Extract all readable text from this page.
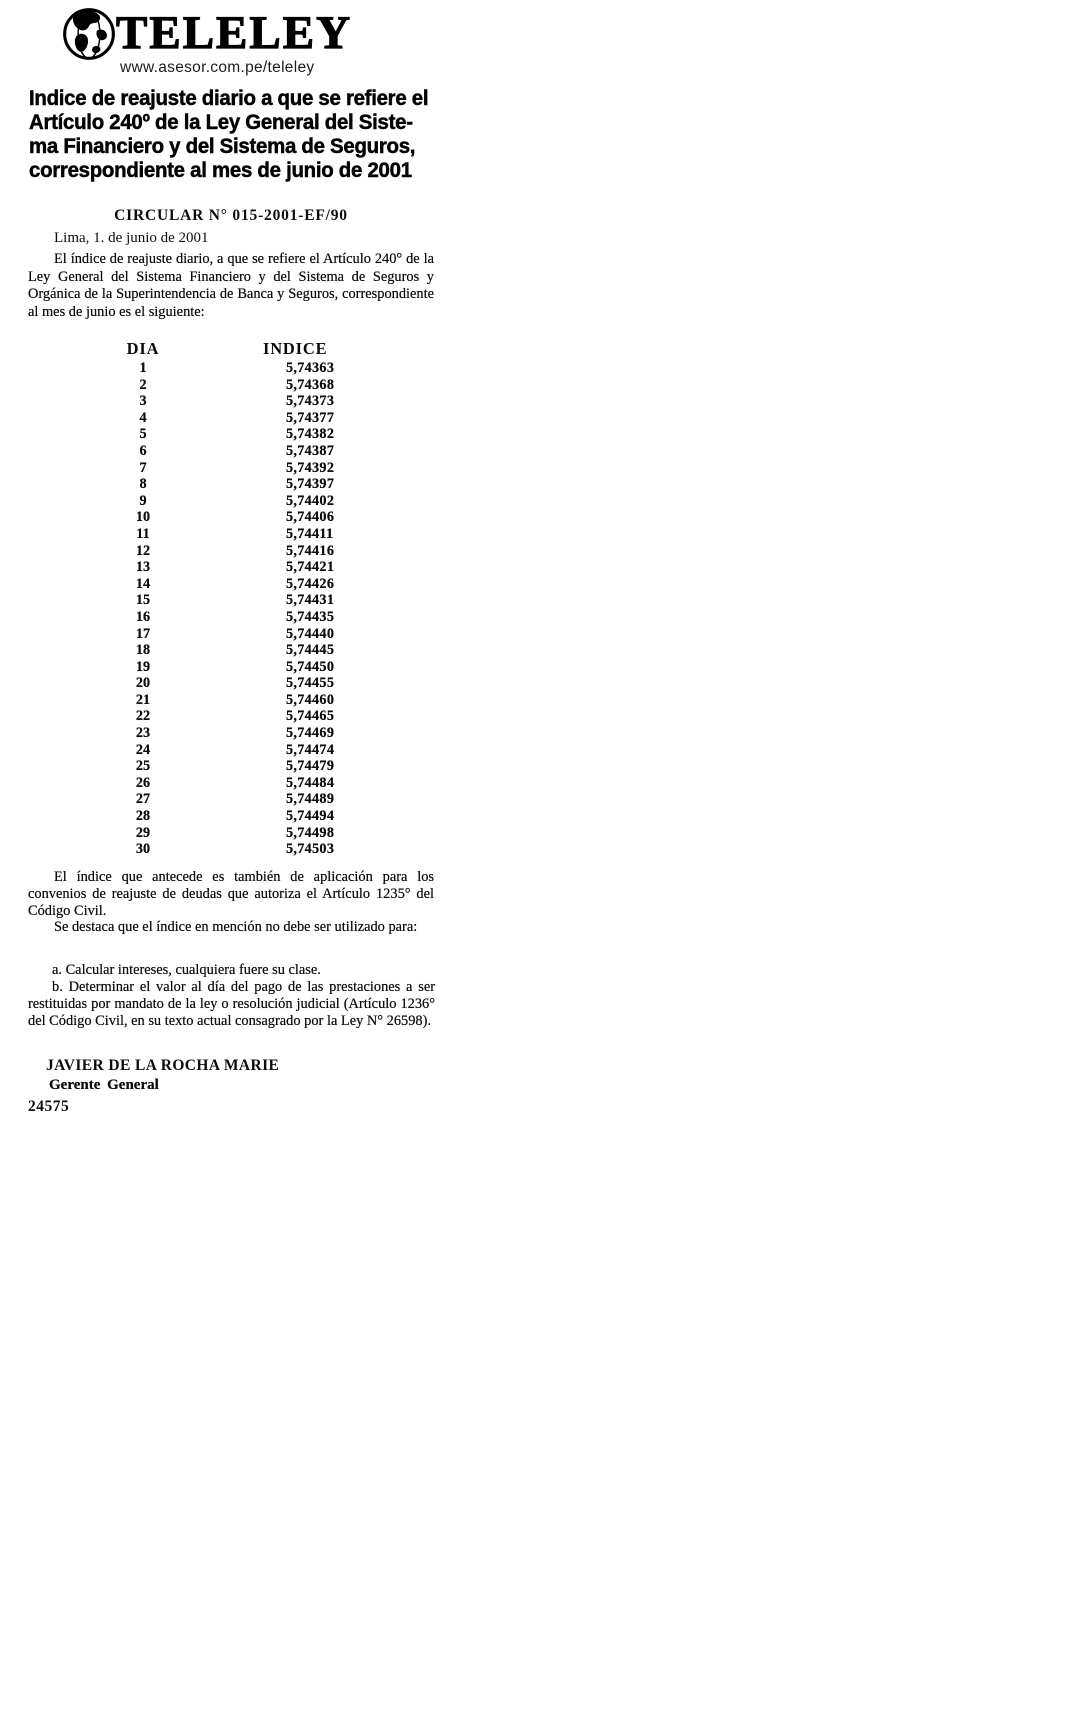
TELELEY
www.asesor.com.pe/teleley
Indice de reajuste diario a que se refiere el
Artículo 240º de la Ley General del Siste-
ma Financiero y del Sistema de Seguros,
correspondiente al mes de junio de 2001
CIRCULAR N° 015-2001-EF/90
Lima, 1. de junio de 2001
El índice de reajuste diario, a que se refiere el Artículo 240° de la Ley General del Sistema Financiero y del Sistema de Seguros y Orgánica de la Superintendencia de Banca y Seguros, correspondiente al mes de junio es el siguiente:
DIA	INDICE
1	5,74363
2	5,74368
3	5,74373
4	5,74377
5	5,74382
6	5,74387
7	5,74392
8	5,74397
9	5,74402
10	5,74406
11	5,74411
12	5,74416
13	5,74421
14	5,74426
15	5,74431
16	5,74435
17	5,74440
18	5,74445
19	5,74450
20	5,74455
21	5,74460
22	5,74465
23	5,74469
24	5,74474
25	5,74479
26	5,74484
27	5,74489
28	5,74494
29	5,74498
30	5,74503

El índice que antecede es también de aplicación para los convenios de reajuste de deudas que autoriza el Artículo 1235° del Código Civil.

Se destaca que el índice en mención no debe ser utilizado para:

a. Calcular intereses, cualquiera fuere su clase.

b. Determinar el valor al día del pago de las prestaciones a ser restituidas por mandato de la ley o resolución judicial (Artículo 1236° del Código Civil, en su texto actual consagrado por la Ley N° 26598).

JAVIER DE LA ROCHA MARIE
Gerente General
24575
